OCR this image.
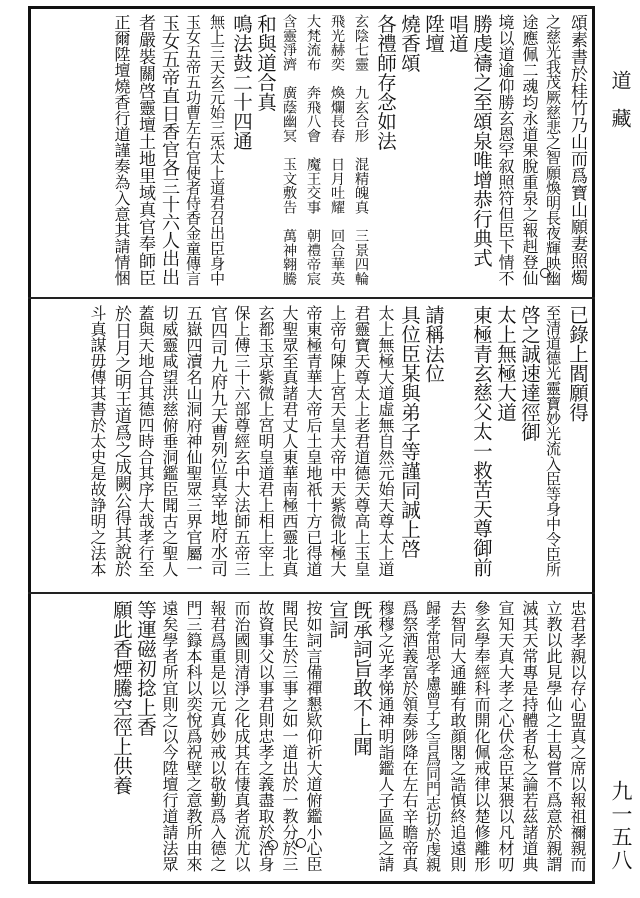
頌素書於桂竹乃山而爲寶山願妻照燭
之慈光我茂厥慈悲之智願煥明長夜輝映幽
途應佩二魂均永道果脫重泉之報赳登仙
境以道逾仰勝玄恩罕叙照符但臣下情不
勝虔禱之至頌泉唯增恭行典式
唱道
陞壇
燒香頌
各禮師存念如法
玄陰七靈　九玄合形　混精魄真　三景四輪
飛光赫奕　煥爛長春　日月吐耀　回合華英
大梵流布　奔飛八會　魔王交事　朝禮帝宸
含靈淨濟　廣蔭幽冥　玉文敷告　萬神翱騰
和與道合真
鳴法鼓二十四通
無上三天玄元始三炁太上道君召出臣身中
玉女五帝五功曹左右官使者侍香金童傳言
玉女五帝直日香官各三十六人出出
者嚴裝關啓靈壇土地里域真官奉師臣
正爾陞壇燒香行道謹奏為入意其請情悃
已錄上閻願得
至清道德光靈寶妙光流入臣等身中令臣所
啓之誠速達徑御
太上無極大道
東極青玄慈父太一救苦天尊御前
請稱法位
具位臣某與弟子等謹同誠上啓
太上無極大道虛無自然元始天尊太上道
君靈寶天尊太上老君道德天尊高上玉皇
上帝句陳上宮天皇大帝中天紫微北極大
帝東極青華大帝后土皇地祇十方已得道
大聖眾至真諸君丈人東華南極西靈北真
玄都玉京紫微上宮明皇道君上相上宰上
保上傅三十六部尊經玄中大法師五帝三
官四司九府九天曹列位真宰地府水司
五嶽四瀆名山洞府神仙聖眾三界官屬一
切威靈咸望洪慈俯垂洞鑑臣聞古之聖人
蓋與天地合其德四時合其序大哉孝行至
於日月之明王道爲之成闕公得其說於
斗真謀毋傳其書於太史是故諍明之法本
忠君孝親以存心盟真之席以報祖禰親而
立教以此見學仙之士曷嘗不爲意於親謂
滅其天常專是持體者私之論若茲諸道典
宣知天真大孝之心伏念臣某猥以凡材叨
參玄學奉經科而開化佩戒律以楚修離形
去智同大通雖有敢顔閣之誥慎終追遠則
歸孝常思孝慮曾子之言爲同門志切於虔親
爲祭酒義富於領奏陟降在左右辛瞻帝真
穆穆之光孝悌通神明詣鑑人子區區之請
旣承詞旨敢不上聞
宣詞
按如詞言備禪懇欵仰祈大道俯鑑小心臣
聞民生於三事之如一道出於一教分於三
故資事父以事君則忠孝之義盡取於治身
而治國則清淨之化成其在悽真者流尤以
報君爲重是以元真妙戒以敬勤爲入德之
門三籙本科以奕悅爲祝壁之意教所由來
遠矣學者所宜則之以今陞壇行道請法眾
等運磁初捻上香
願此香煙騰空徑上供養
道
藏
九一五八
